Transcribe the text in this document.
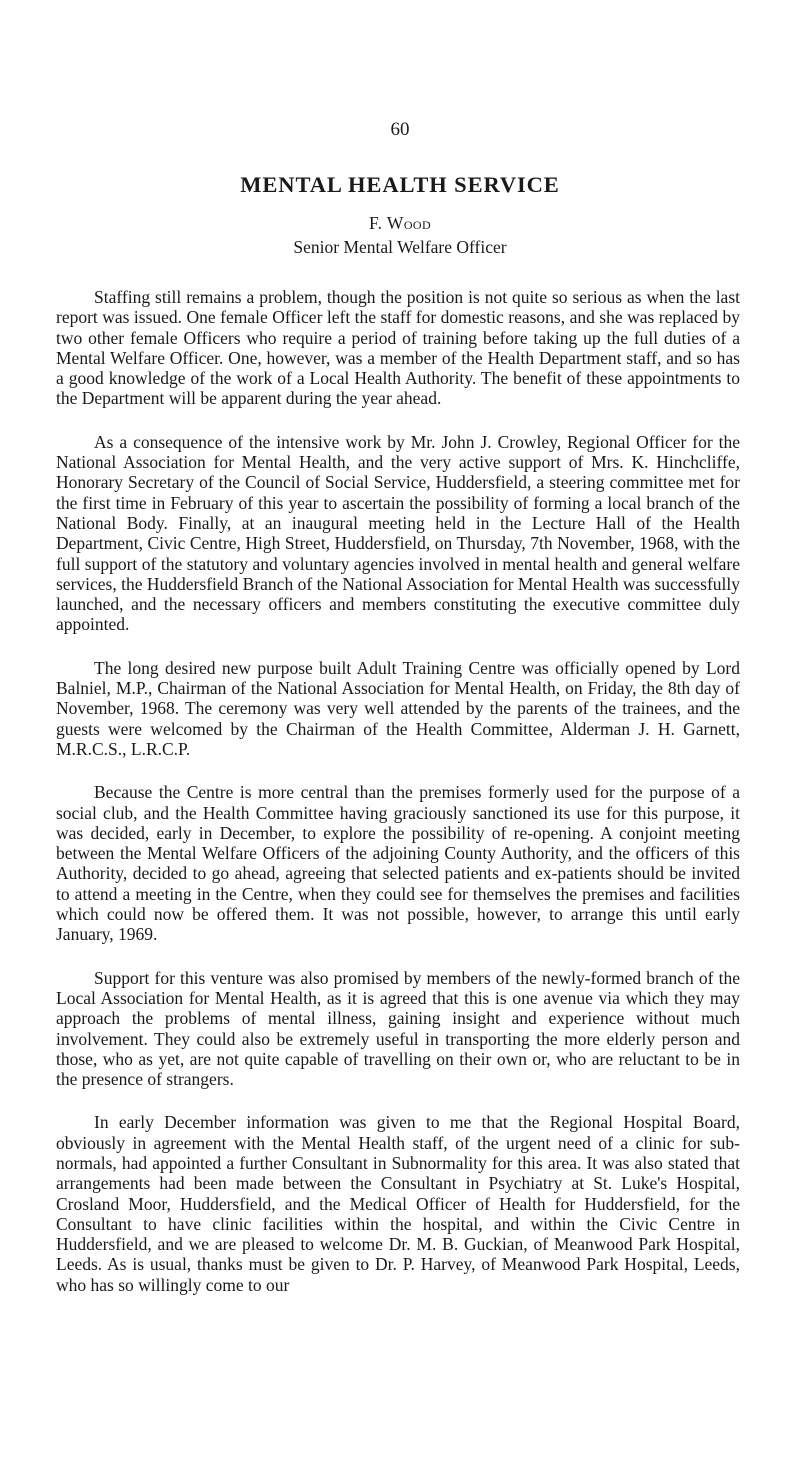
60
MENTAL HEALTH SERVICE
F. Wood
Senior Mental Welfare Officer

Staffing still remains a problem, though the position is not quite so serious as when the last report was issued. One female Officer left the staff for domestic reasons, and she was replaced by two other female Officers who require a period of training before taking up the full duties of a Mental Welfare Officer. One, however, was a member of the Health Department staff, and so has a good knowledge of the work of a Local Health Authority. The benefit of these appointments to the Department will be apparent during the year ahead.

As a consequence of the intensive work by Mr. John J. Crowley, Regional Officer for the National Association for Mental Health, and the very active support of Mrs. K. Hinchcliffe, Honorary Secretary of the Council of Social Service, Huddersfield, a steering committee met for the first time in February of this year to ascertain the possibility of forming a local branch of the National Body. Finally, at an inaugural meeting held in the Lecture Hall of the Health Department, Civic Centre, High Street, Huddersfield, on Thursday, 7th November, 1968, with the full support of the statutory and voluntary agencies involved in mental health and general welfare services, the Huddersfield Branch of the National Association for Mental Health was successfully launched, and the necessary officers and members constituting the executive committee duly appointed.

The long desired new purpose built Adult Training Centre was officially opened by Lord Balniel, M.P., Chairman of the National Association for Mental Health, on Friday, the 8th day of November, 1968. The ceremony was very well attended by the parents of the trainees, and the guests were welcomed by the Chairman of the Health Committee, Alderman J. H. Garnett, M.R.C.S., L.R.C.P.

Because the Centre is more central than the premises formerly used for the purpose of a social club, and the Health Committee having graciously sanctioned its use for this purpose, it was decided, early in December, to explore the possibility of re-opening. A conjoint meeting between the Mental Welfare Officers of the adjoining County Authority, and the officers of this Authority, decided to go ahead, agreeing that selected patients and ex-patients should be invited to attend a meeting in the Centre, when they could see for themselves the premises and facilities which could now be offered them. It was not possible, however, to arrange this until early January, 1969.

Support for this venture was also promised by members of the newly-formed branch of the Local Association for Mental Health, as it is agreed that this is one avenue via which they may approach the problems of mental illness, gaining insight and experience without much involvement. They could also be extremely useful in transporting the more elderly person and those, who as yet, are not quite capable of travelling on their own or, who are reluctant to be in the presence of strangers.

In early December information was given to me that the Regional Hospital Board, obviously in agreement with the Mental Health staff, of the urgent need of a clinic for sub-normals, had appointed a further Consultant in Subnormality for this area. It was also stated that arrangements had been made between the Consultant in Psychiatry at St. Luke's Hospital, Crosland Moor, Huddersfield, and the Medical Officer of Health for Huddersfield, for the Consultant to have clinic facilities within the hospital, and within the Civic Centre in Huddersfield, and we are pleased to welcome Dr. M. B. Guckian, of Meanwood Park Hospital, Leeds. As is usual, thanks must be given to Dr. P. Harvey, of Meanwood Park Hospital, Leeds, who has so willingly come to our
